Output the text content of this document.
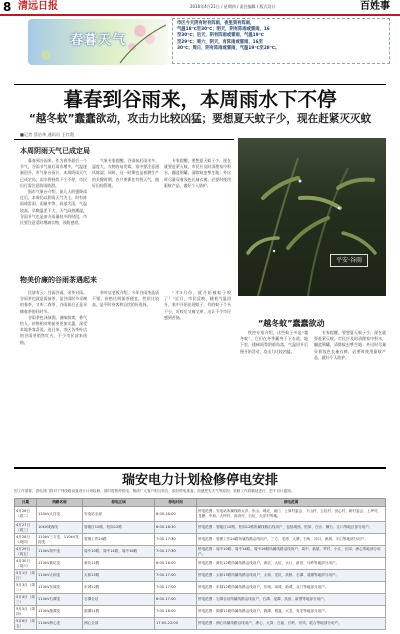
8 清远日报	2016年4月21日 / 星期四 / 责任编辑 / 版式设计	百姓事
春暮天气
市区今天阴有时有阵雨，夜里到有阵雨，
气温18℃至30℃；明天，阴有阵雨或雷雨，16
至30℃；后天，阴有阵雨或雷雨，气温19℃
至29℃；周六，阴天，有阵雨或雷雨，16至
30℃；周日，阴有阵雨或雷雨，气温19℃至28℃。
暮春到谷雨来，本周雨水下不停
“越冬蚊”蠢蠢欲动，攻击力比较凶猛；要想夏天蚊子少，现在赶紧灭灭蚊
■记者 蔡治华 通讯员 王红霞
本周阴雨天气已成定局
暮春到谷雨来，作为春季最后一个节气，谷雨节气前后雨水增多，气温逐渐回升，市气象台预计，本周阴雨天气已成定局，雨水将持续下个不停，市民出行需注意防雨防滑。
据市气象台介绍，前几天的强降雨过后，本周仍以阴雨天气为主，时有阵雨或雷雨，雨量中等，局部大雨，气温较高，早晚温差不大，天气闷热潮湿，谷雨节气也是南方雨量较多的时段，市民要注意适时增减衣物，预防感冒。
气象专家提醒，谷雨前后雨水多、湿度大，衣物容易发霉，家中要注意通风除湿；同时，这一时期也是春耕生产的关键时期，农户要抓住有利天气，做好田间管理。
专家提醒，要想夏天蚊子少，现在就要赶紧灭蚊。市民应及时清理家中积水，翻盆倒罐，清除蚊虫孳生地；外出时尽量穿着浅色长袖衣裤，必要时使用驱蚊产品，做好个人防护。
物美价廉的谷雨茶遇起来
民谚有云：谷雨谷雨，采茶对雨。谷雨茶也就是雨前茶，是谷雨时节采制的春茶，又叫二春茶，谷雨前后正是采摘春茶的好时节。
谷雨茶色泽绿润，滋味鲜爽，香气怡人，价格相对明前茶更加实惠，深受本地茶客喜爱。连日来，市区各茶叶店的谷雨茶销售红火，不少市民前来选购。
茶叶店老板介绍，今年谷雨茶品质不错，价格比明前茶便宜，性价比较高，是平时待客和自饮的好选择。
“才3月份，就开始被蚊子咬了！”近日，市民反映，随着气温回升，家中开始出现蚊子，有的蚊子个头不小，叮咬后又痛又痒，这让不少市民感到苦恼。
平安·谷雨
“越冬蚊”蠢蠢欲动
疾控专家介绍，这些蚊子多是“越冬蚊”，它们在冬季藏身于下水道、地下室、楼梯间等阴暗角落，气温回升后便开始活动，攻击力比较凶猛。
专家提醒，要想夏天蚊子少，现在就要赶紧灭蚊。市民应及时清理家中积水，翻盆倒罐，清除蚊虫孳生地；外出时尽量穿着浅色长袖衣裤，必要时使用驱蚊产品，做好个人防护。
瑞安电力计划检修停电安排
因工作需要，供电部门将对下列线路设备进行计划检修，届时将暂停供电，敬请广大客户相互转告，做好停电准备。如遇恶劣天气等原因，检修工作将顺延进行，恕不另行通知。
日期	线路名称	停电区域	停电时间	停电范围
4月26日（周二）	110kV大洋变	安电站全部	6:00-16:00	停电范围：安电站所属线路大洋、东山、城北、南门、上岗村委会、下山村、云坑村、田心村、新村委会、上坪村、龙塘、中和、大坪村、高田村、石坑、大洋村等地。
4月27日（周三）	10kV城西线	管辖区10路、松岗12路	6:00-16:30	停电范围：管辖区10路、松岗12路所属线路沿线用户，包括城西、松岗、白沙、横石、江口等地区部分用户。
4月28日（周四）	110kV三方变、110kV龙湾变	管理工作24路	7:00-17:30	停电范围：管理工作24路所属线路沿线用户，三方、龙湾、大塘、石角、冲口、黄洞、平山等地部分用户。
4月29日（周五）	110kV周中变	周中10路、周中14路、周中16路	7:00-17:30	停电范围：周中10路、周中14路、周中16路所属线路沿线用户，周中、新屋、罗村、小江、长岗、洲心等地部分用户。
4月30日（周六）	110kV黄坑变	黄坑12路	6:00-16:00	停电范围：黄坑12路所属线路沿线用户，黄坑、大坑、水口、新田、马岭等地部分用户。
5月1日（周日）	110kV太和变	太和15路	7:00-17:00	停电范围：太和15路所属线路沿线用户，太和、龙坑、高桥、石潭、清湖等地部分用户。
5月3日（周二）	110kV东城变	东城12路	7:00-17:00	停电范围：东城12路所属线路沿线用户，东城、凤城、新城、北门等地部分用户。
5月4日（周三）	110kV石潭变	石潭全站	6:00-17:00	停电范围：石潭全站所属线路沿线用户，石潭、浸潭、高田、新围等地部分用户。
5月5日（周四）	110kV源潭变	源潭11路	7:00-18:00	停电范围：源潭11路所属线路沿线用户，源潭、银盏、大龙、青龙等地部分用户。
5月6日（周五）	110kV洲心变	洲心全部	17:00-22:00	停电范围：洲心所属线路沿线用户，洲心、大岗、白庙、长岭、东风、联合等地部分用户。
